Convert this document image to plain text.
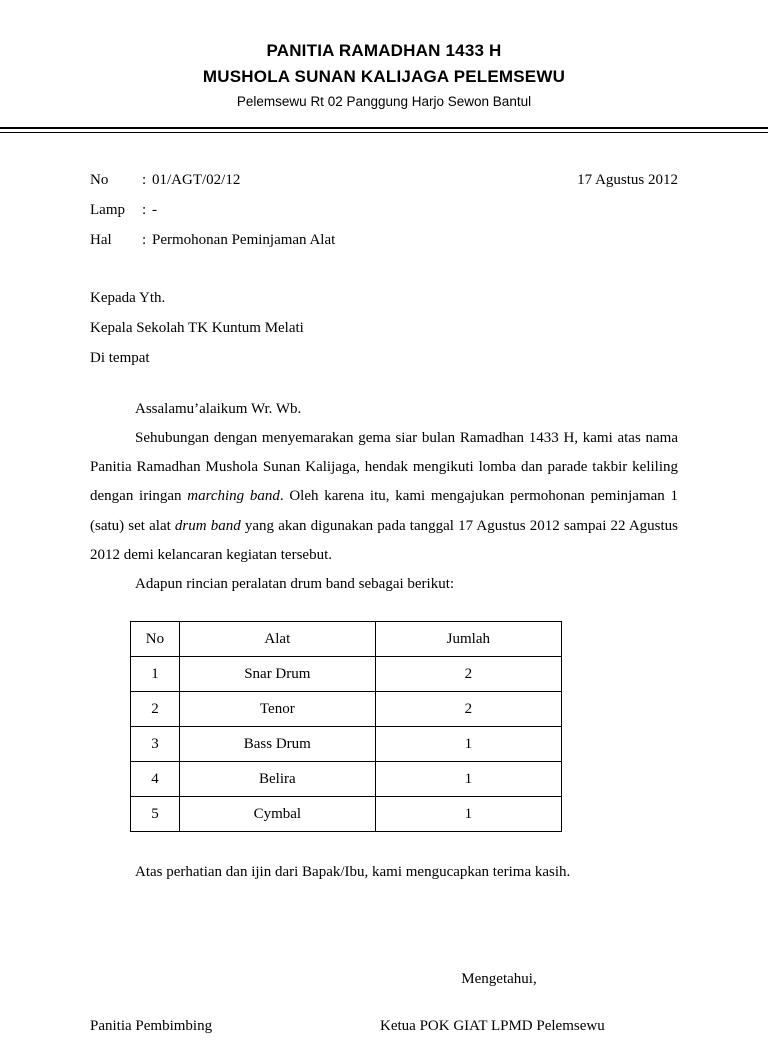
PANITIA RAMADHAN 1433 H
MUSHOLA SUNAN KALIJAGA PELEMSEWU
Pelemsewu Rt 02 Panggung Harjo Sewon Bantul
17 Agustus 2012
No	: 01/AGT/02/12
Lamp	: -
Hal	: Permohonan Peminjaman Alat
Kepada Yth.
Kepala Sekolah TK Kuntum Melati
Di tempat

Assalamu’alaikum Wr. Wb.

Sehubungan dengan menyemarakan gema siar bulan Ramadhan 1433 H, kami atas nama Panitia Ramadhan Mushola Sunan Kalijaga, hendak mengikuti lomba dan parade takbir keliling dengan iringan marching band. Oleh karena itu, kami mengajukan permohonan peminjaman 1 (satu) set alat drum band yang akan digunakan pada tanggal 17 Agustus 2012 sampai 22 Agustus 2012 demi kelancaran kegiatan tersebut.

Adapun rincian peralatan drum band sebagai berikut:

No	Alat	Jumlah
1	Snar Drum	2
2	Tenor	2
3	Bass Drum	1
4	Belira	1
5	Cymbal	1

Atas perhatian dan ijin dari Bapak/Ibu, kami mengucapkan terima kasih.

Mengetahui,
Panitia Pembimbing	Ketua POK GIAT LPMD Pelemsewu
